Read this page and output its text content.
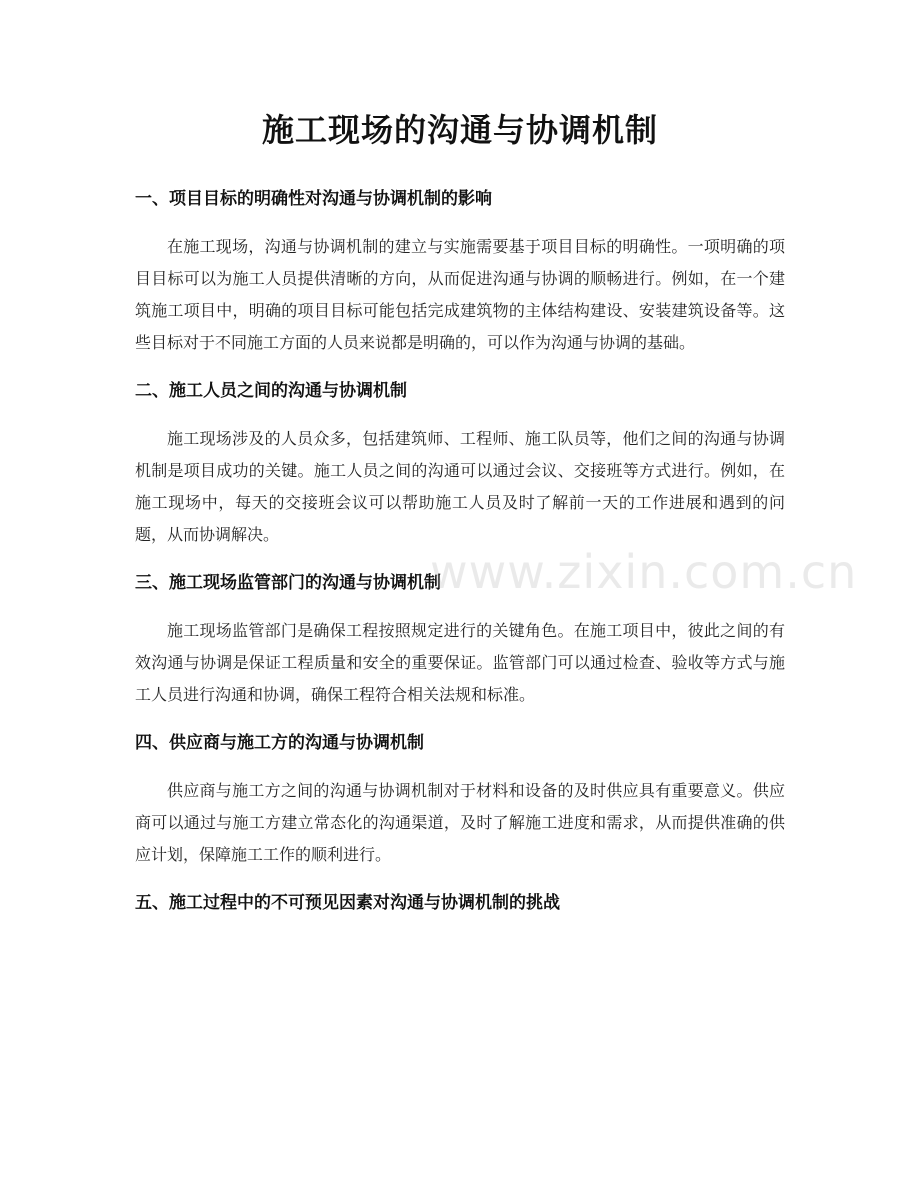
施工现场的沟通与协调机制
一、项目目标的明确性对沟通与协调机制的影响

在施工现场，沟通与协调机制的建立与实施需要基于项目目标的明确性。一项明确的项目目标可以为施工人员提供清晰的方向，从而促进沟通与协调的顺畅进行。例如，在一个建筑施工项目中，明确的项目目标可能包括完成建筑物的主体结构建设、安装建筑设备等。这些目标对于不同施工方面的人员来说都是明确的，可以作为沟通与协调的基础。

二、施工人员之间的沟通与协调机制

施工现场涉及的人员众多，包括建筑师、工程师、施工队员等，他们之间的沟通与协调机制是项目成功的关键。施工人员之间的沟通可以通过会议、交接班等方式进行。例如，在施工现场中，每天的交接班会议可以帮助施工人员及时了解前一天的工作进展和遇到的问题，从而协调解决。

三、施工现场监管部门的沟通与协调机制

施工现场监管部门是确保工程按照规定进行的关键角色。在施工项目中，彼此之间的有效沟通与协调是保证工程质量和安全的重要保证。监管部门可以通过检查、验收等方式与施工人员进行沟通和协调，确保工程符合相关法规和标准。

四、供应商与施工方的沟通与协调机制

供应商与施工方之间的沟通与协调机制对于材料和设备的及时供应具有重要意义。供应商可以通过与施工方建立常态化的沟通渠道，及时了解施工进度和需求，从而提供准确的供应计划，保障施工工作的顺利进行。

五、施工过程中的不可预见因素对沟通与协调机制的挑战
www.zixin.com.cn
